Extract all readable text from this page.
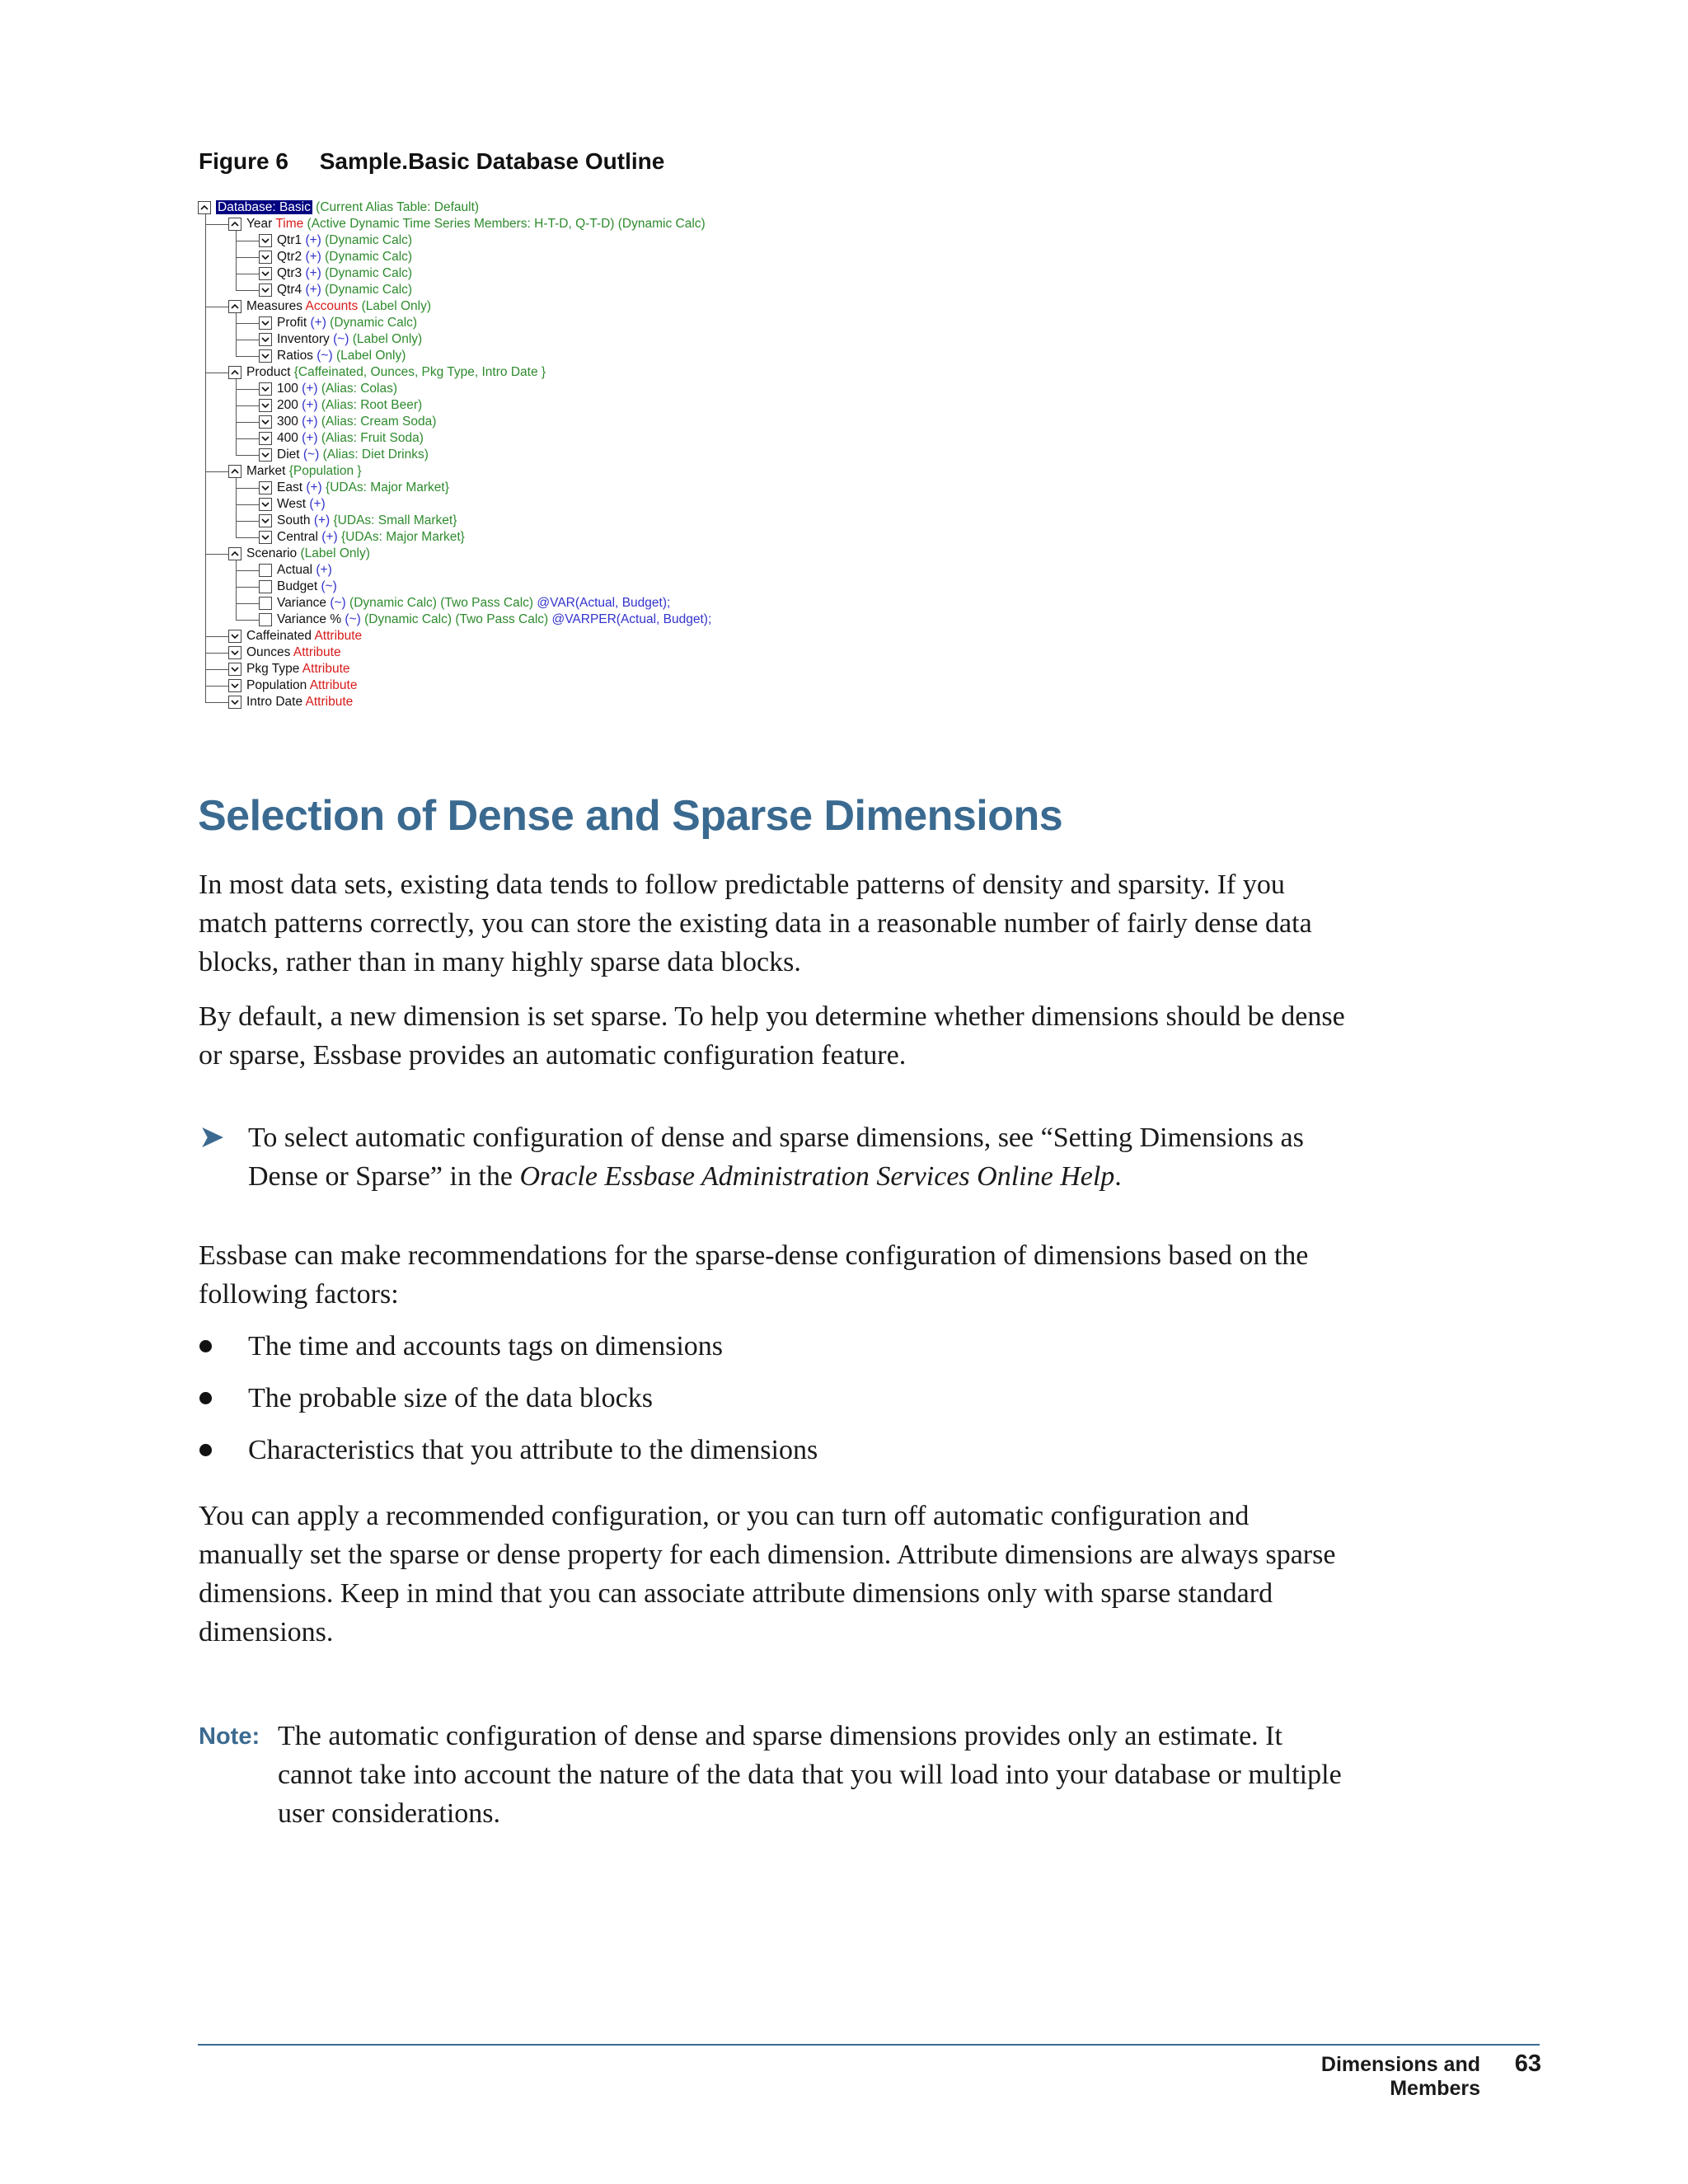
Figure 6 Sample.Basic Database Outline
Database: Basic (Current Alias Table: Default)
Year Time (Active Dynamic Time Series Members: H-T-D, Q-T-D) (Dynamic Calc)
Qtr1 (+) (Dynamic Calc)
Qtr2 (+) (Dynamic Calc)
Qtr3 (+) (Dynamic Calc)
Qtr4 (+) (Dynamic Calc)
Measures Accounts (Label Only)
Profit (+) (Dynamic Calc)
Inventory (~) (Label Only)
Ratios (~) (Label Only)
Product {Caffeinated, Ounces, Pkg Type, Intro Date }
100 (+) (Alias: Colas)
200 (+) (Alias: Root Beer)
300 (+) (Alias: Cream Soda)
400 (+) (Alias: Fruit Soda)
Diet (~) (Alias: Diet Drinks)
Market {Population }
East (+) {UDAs: Major Market}
West (+)
South (+) {UDAs: Small Market}
Central (+) {UDAs: Major Market}
Scenario (Label Only)
Actual (+)
Budget (~)
Variance (~) (Dynamic Calc) (Two Pass Calc) @VAR(Actual, Budget);
Variance % (~) (Dynamic Calc) (Two Pass Calc) @VARPER(Actual, Budget);
Caffeinated Attribute
Ounces Attribute
Pkg Type Attribute
Population Attribute
Intro Date Attribute
Selection of Dense and Sparse Dimensions

In most data sets, existing data tends to follow predictable patterns of density and sparsity. If you match patterns correctly, you can store the existing data in a reasonable number of fairly dense data blocks, rather than in many highly sparse data blocks.

By default, a new dimension is set sparse. To help you determine whether dimensions should be dense or sparse, Essbase provides an automatic configuration feature.

➤ To select automatic configuration of dense and sparse dimensions, see “Setting Dimensions as Dense or Sparse” in the Oracle Essbase Administration Services Online Help.

Essbase can make recommendations for the sparse-dense configuration of dimensions based on the following factors:

The time and accounts tags on dimensions
The probable size of the data blocks
Characteristics that you attribute to the dimensions

You can apply a recommended configuration, or you can turn off automatic configuration and manually set the sparse or dense property for each dimension. Attribute dimensions are always sparse dimensions. Keep in mind that you can associate attribute dimensions only with sparse standard dimensions.

Note: The automatic configuration of dense and sparse dimensions provides only an estimate. It cannot take into account the nature of the data that you will load into your database or multiple user considerations.
Dimensions and Members
63
